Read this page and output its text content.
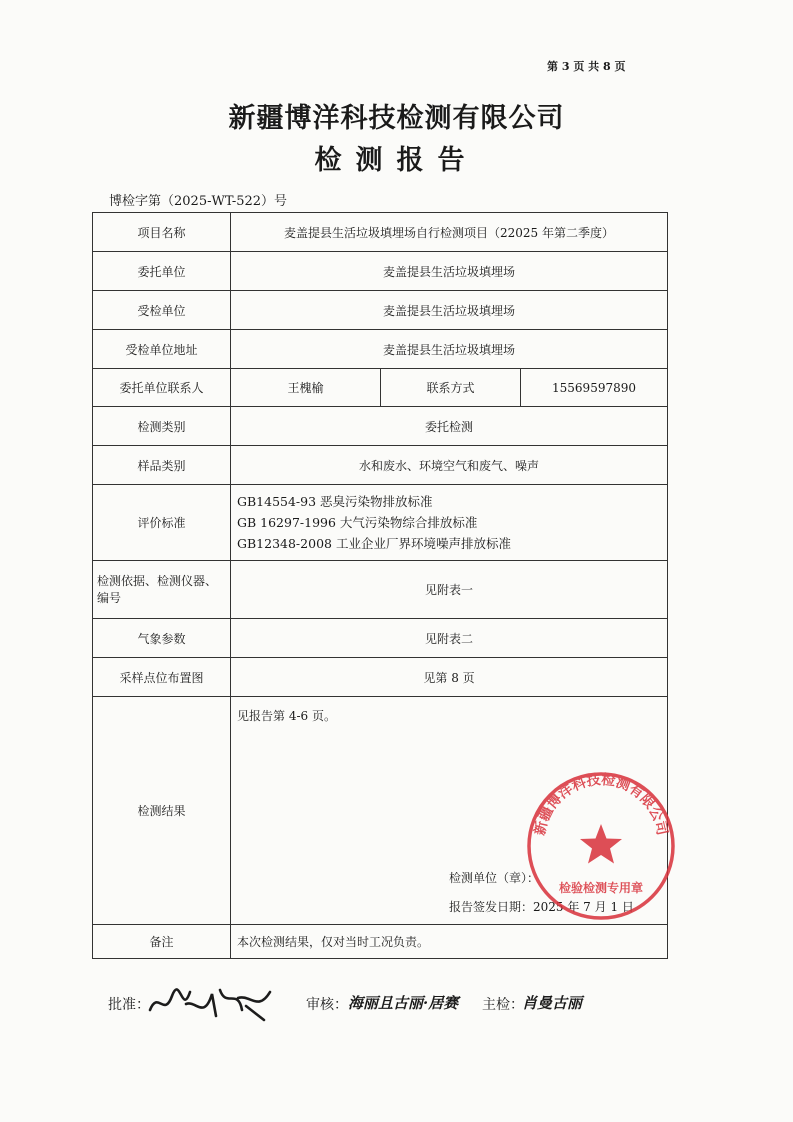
第 3 页 共 8 页
新疆博洋科技检测有限公司
检测报告
博检字第（2025-WT-522）号
项目名称	麦盖提县生活垃圾填埋场自行检测项目（22025 年第二季度）		
委托单位	麦盖提县生活垃圾填埋场		
受检单位	麦盖提县生活垃圾填埋场		
受检单位地址	麦盖提县生活垃圾填埋场		
委托单位联系人	王槐榆	联系方式	15569597890
检测类别	委托检测		
样品类别	水和废水、环境空气和废气、噪声		
评价标准	GB14554-93 恶臭污染物排放标准
GB 16297-1996 大气污染物综合排放标准
GB12348-2008 工业企业厂界环境噪声排放标准		

检测依据、检测仪器、编号	见附表一		
气象参数	见附表二		
采样点位布置图	见第 8 页		
检测结果	见报告第 4-6 页。
检测单位（章）：
报告签发日期：2025 年 7 月 1 日		

备注	本次检测结果，仅对当时工况负责。		
新疆博洋科技检测有限公司
检验检测专用章
批准：	审核： 海丽且古丽·居赛 主检：
肖曼古丽
